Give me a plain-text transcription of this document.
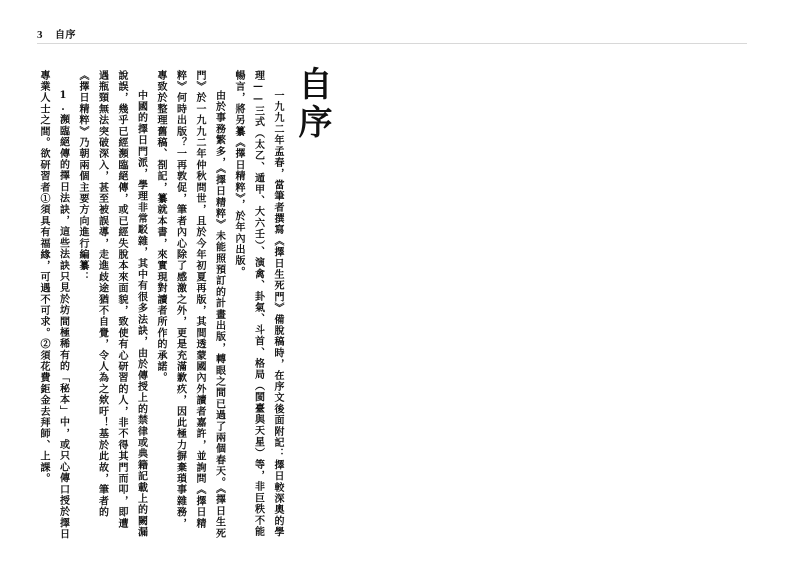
3 自序
自序

一九九二年孟春，當筆者撰寫《擇日生死門》備脫稿時，在序文後面附記：擇日較深奧的學理——三式（太乙、遁甲、大六壬）、演禽、卦氣、斗首、格局（閩臺與天星）等，非巨秩不能暢言，將另纂《擇日精粹》，於年內出版。

由於事務繁多，《擇日精粹》未能照預訂的計畫出版，轉眼之間已過了兩個春天。《擇日生死門》於一九九二年仲秋問世，且於今年初夏再版，其間透蒙國內外讀者嘉許，並詢問《擇日精粹》何時出版？一再敦促，筆者內心除了感激之外，更是充滿歉疚，因此極力摒棄瑣事雜務，專致於整理舊稿、剳記，纂就本書，來實現對讀者所作的承諾。

中國的擇日門派，學理非常駁雜，其中有很多法訣，由於傳授上的禁律或典籍記載上的闕漏說誤，幾乎已經瀕臨絕傳，或已經失脫本來面貌，致使有心研習的人，非不得其門而叩，即遭遇瓶頸無法突破深入，甚至被誤導，走進歧途猶不自覺，令人為之欸吁！基於此故，筆者的《擇日精粹》乃朝兩個主要方向進行編纂：

1.瀕臨絕傳的擇日法訣，這些法訣只見於坊間極稀有的「秘本」中，或只心傳口授於擇日專業人士之間。欲研習者①須具有福緣，可遇不可求。②須花費鉅金去拜師、上課。
